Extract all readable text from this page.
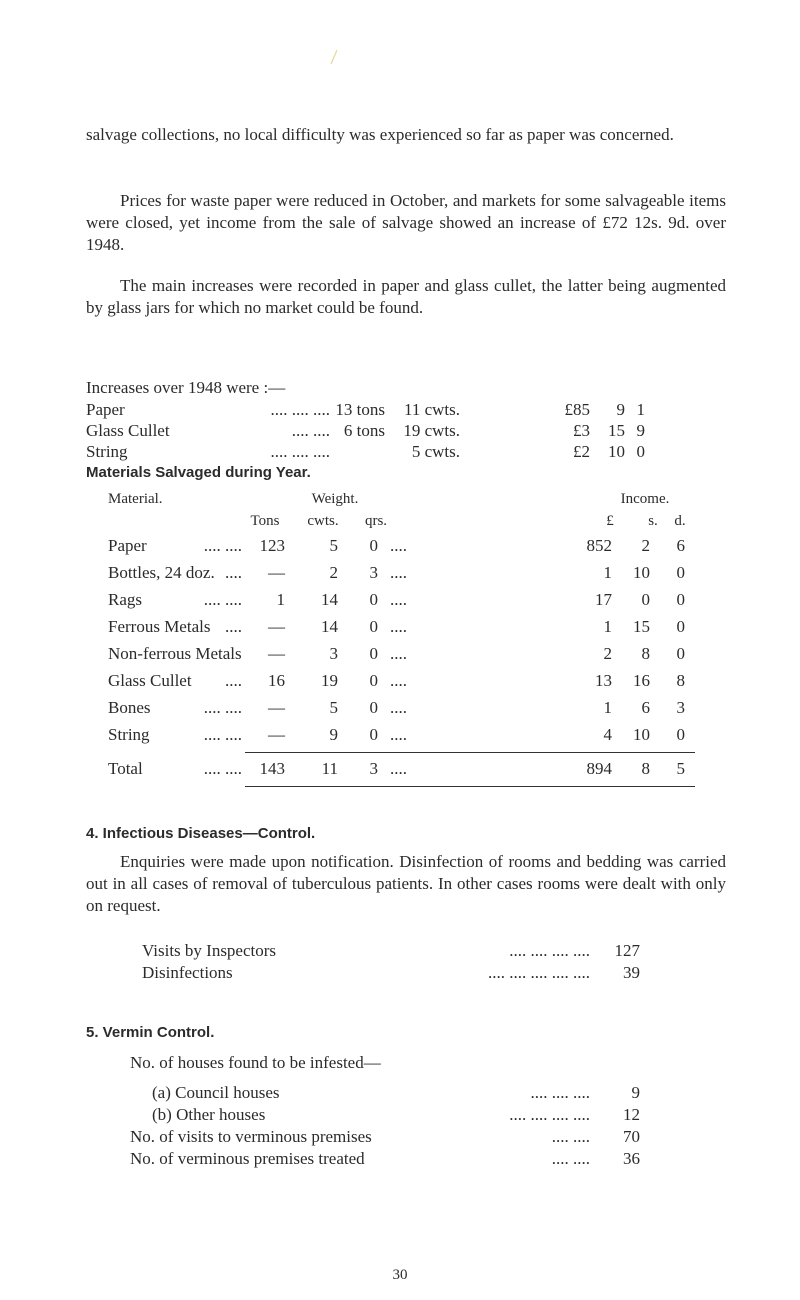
salvage collections, no local difficulty was experienced so far as paper was concerned.

Prices for waste paper were reduced in October, and markets for some salvageable items were closed, yet income from the sale of salvage showed an increase of £72 12s. 9d. over 1948.

The main increases were recorded in paper and glass cullet, the latter being augmented by glass jars for which no market could be found.

Increases over 1948 were :—
Paper	.... .... .... 13 tons	11 cwts.	£85	9 1
Glass Cullet	.... .... 6 tons	19 cwts.	£3	15 9
String	.... .... ....	5 cwts.	£2	10 0
Materials Salvaged during Year.
Material.	Weight.	Income.
Tons	cwts.	qrs.	£	s.	d.
Paper	.... ....	123	5	0 ....	852	2	6
Bottles, 24 doz. ....	—	2	3 ....	1	10	0
Rags	.... ....	1	14	0 ....	17	0	0
Ferrous Metals ....	—	14	0 ....	1	15	0
Non-ferrous Metals	—	3	0 ....	2	8	0
Glass Cullet	....	16	19	0 ....	13	16	8
Bones	.... ....	—	5	0 ....	1	6	3
String	.... ....	—	9	0 ....	4	10	0
Total	.... ....	143	11	3 ....	894	8	5
4. Infectious Diseases—Control.

Enquiries were made upon notification. Disinfection of rooms and bedding was carried out in all cases of removal of tuberculous patients. In other cases rooms were dealt with only on request.

Visits by Inspectors	.... .... .... ....	127
Disinfections	.... .... .... .... ....	39
5. Vermin Control.
No. of houses found to be infested—
(a) Council houses	.... .... ....	9
(b) Other houses	.... .... .... ....	12
No. of visits to verminous premises	.... ....	70
No. of verminous premises treated	.... ....	36
30
